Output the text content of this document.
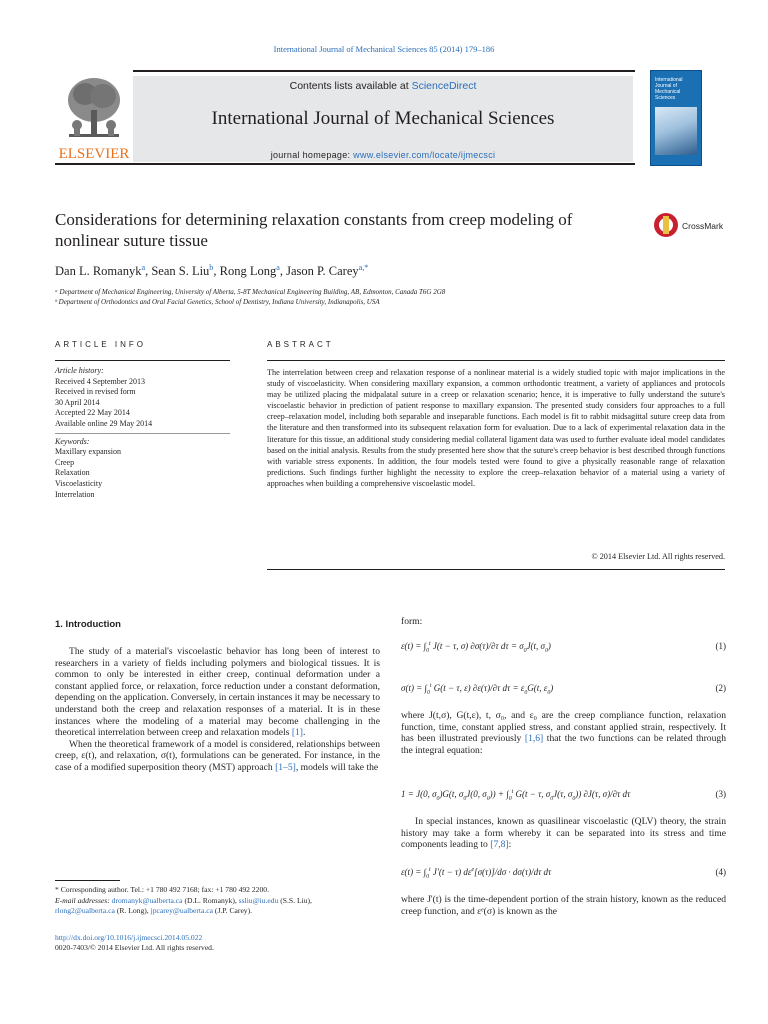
International Journal of Mechanical Sciences 85 (2014) 179–186
ELSEVIER
Contents lists available at ScienceDirect
International Journal of Mechanical Sciences
journal homepage: www.elsevier.com/locate/ijmecsci
International Journal of Mechanical Sciences
Considerations for determining relaxation constants from creep modeling of nonlinear suture tissue
CrossMark
Dan L. Romanyk$^a$, Sean S. Liu$^b$, Rong Long$^a$, Jason P. Carey$^{a,*}$
ᵃ Department of Mechanical Engineering, University of Alberta, 5-8T Mechanical Engineering Building, AB, Edmonton, Canada T6G 2G8
ᵇ Department of Orthodontics and Oral Facial Genetics, School of Dentistry, Indiana University, Indianapolis, USA
ARTICLE INFO	ABSTRACT
Article history:
Received 4 September 2013
Received in revised form
30 April 2014
Accepted 22 May 2014
Available online 29 May 2014
Keywords:
Maxillary expansion
Creep
Relaxation
Viscoelasticity
Interrelation
The interrelation between creep and relaxation response of a nonlinear material is a widely studied topic with major implications in the study of viscoelasticity. When considering maxillary expansion, a common orthodontic treatment, a variety of appliances and protocols may be utilized placing the midpalatal suture in a creep or relaxation scenario; hence, it is imperative to fully understand the suture's viscoelastic behavior in prediction of patient response to maxillary expansion. The presented study considers four approaches to a full creep–relaxation model, including both separable and inseparable functions. Each model is fit to rabbit midsagittal suture creep data from the literature and then transformed into its subsequent relaxation form for evaluation. Due to a lack of experimental relaxation data in the literature for this tissue, an additional study considering medial collateral ligament data was used to further evaluate ideal model candidates based on the initial analysis. Results from the study presented here show that the suture's creep behavior is best described through functions with variable stress exponents. In addition, the four models tested were found to give a physically reasonable range of relaxation predictions. Such findings further highlight the necessity to explore the creep–relaxation behavior of a material using a variety of approaches when building a comprehensive viscoelastic model.
© 2014 Elsevier Ltd. All rights reserved.
1. Introduction

The study of a material's viscoelastic behavior has long been of interest to researchers in a variety of fields including polymers and biological tissues. It is common to only be interested in either creep, continual deformation under a constant applied force, or relaxation, force reduction under a constant deformation, depending on the application. Conversely, in certain instances it may be necessary to understand both the creep and relaxation responses of a material. It is in these instances where the modeling of a material may become challenging in the theoretical interrelation between creep and relaxation models [1].

When the theoretical framework of a model is considered, relationships between creep, ε(t), and relaxation, σ(t), formulations can be generated. For instance, in the case of a modified superposition theory (MST) approach [1–5], models will take the

* Corresponding author. Tel.: +1 780 492 7168; fax: +1 780 492 2200.
E-mail addresses: dromanyk@ualberta.ca (D.L. Romanyk), ssliu@iu.edu (S.S. Liu),
rlong2@ualberta.ca (R. Long), jpcarey@ualberta.ca (J.P. Carey).
http://dx.doi.org/10.1016/j.ijmecsci.2014.05.022
0020-7403/© 2014 Elsevier Ltd. All rights reserved.
form:
$\varepsilon(t) = \int_0^t$ J(t − τ, σ) ∂σ(τ)/∂τ $d\tau = \sigma_0J(t$, $\sigma_0$)	(1)
$\sigma(t) = \int_0^t$ G(t − τ, ε) ∂ε(τ)/∂τ $d\tau = \varepsilon_0G(t$, $\varepsilon_0$)	(2)
where J(t,σ), G(t,ε), t, σ₀, and ε₀ are the creep compliance function, relaxation function, time, constant applied stress, and constant applied strain, respectively. It has been illustrated previously [1,6] that the two functions can be related through the integral equation:
1 = J(0, $\sigma_0)G(t$, $\sigma_0J(0$, $\sigma_0)) + \int_0^t$ G(t − τ, $\sigma_0J(\tau$, $\sigma_0$)) ∂J(τ, σ)/∂τ dτ	(3)
In special instances, known as quasilinear viscoelastic (QLV) theory, the strain history may take a form whereby it can be separated into its stress and time components leading to [7,8]:
$\varepsilon(t) = \int_0^t$ J′(t − τ) $d\varepsilon^e[\sigma(\tau)]/d\sigma \cdot d\sigma(\tau)/d\tau$ dτ	(4)
where J'(t) is the time-dependent portion of the strain history, known as the reduced creep function, and εᵉ(σ) is known as the
